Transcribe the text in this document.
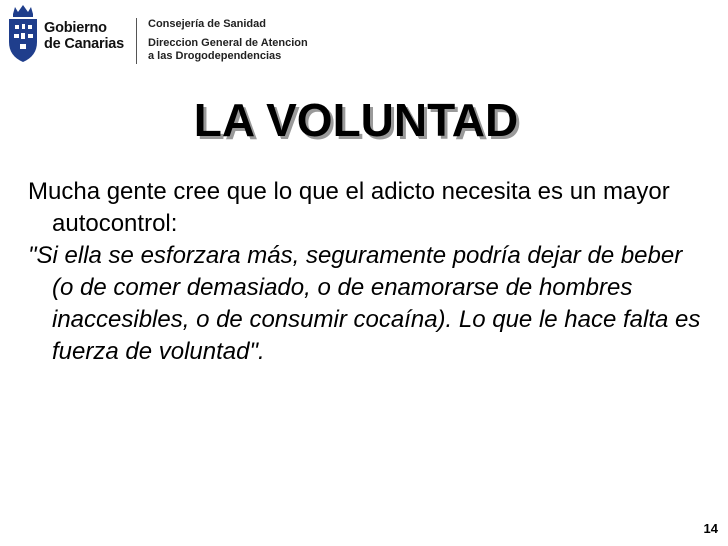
Gobierno
de Canarias
Consejería de Sanidad
Direccion General de Atencion
a las Drogodependencias
LA VOLUNTAD

Mucha gente cree que lo que el adicto necesita es un mayor autocontrol:

"Si ella se esforzara más, seguramente podría dejar de beber (o de comer demasiado, o de enamorarse de hombres inaccesibles, o de consumir cocaína). Lo que le hace falta es fuerza de voluntad".

14
